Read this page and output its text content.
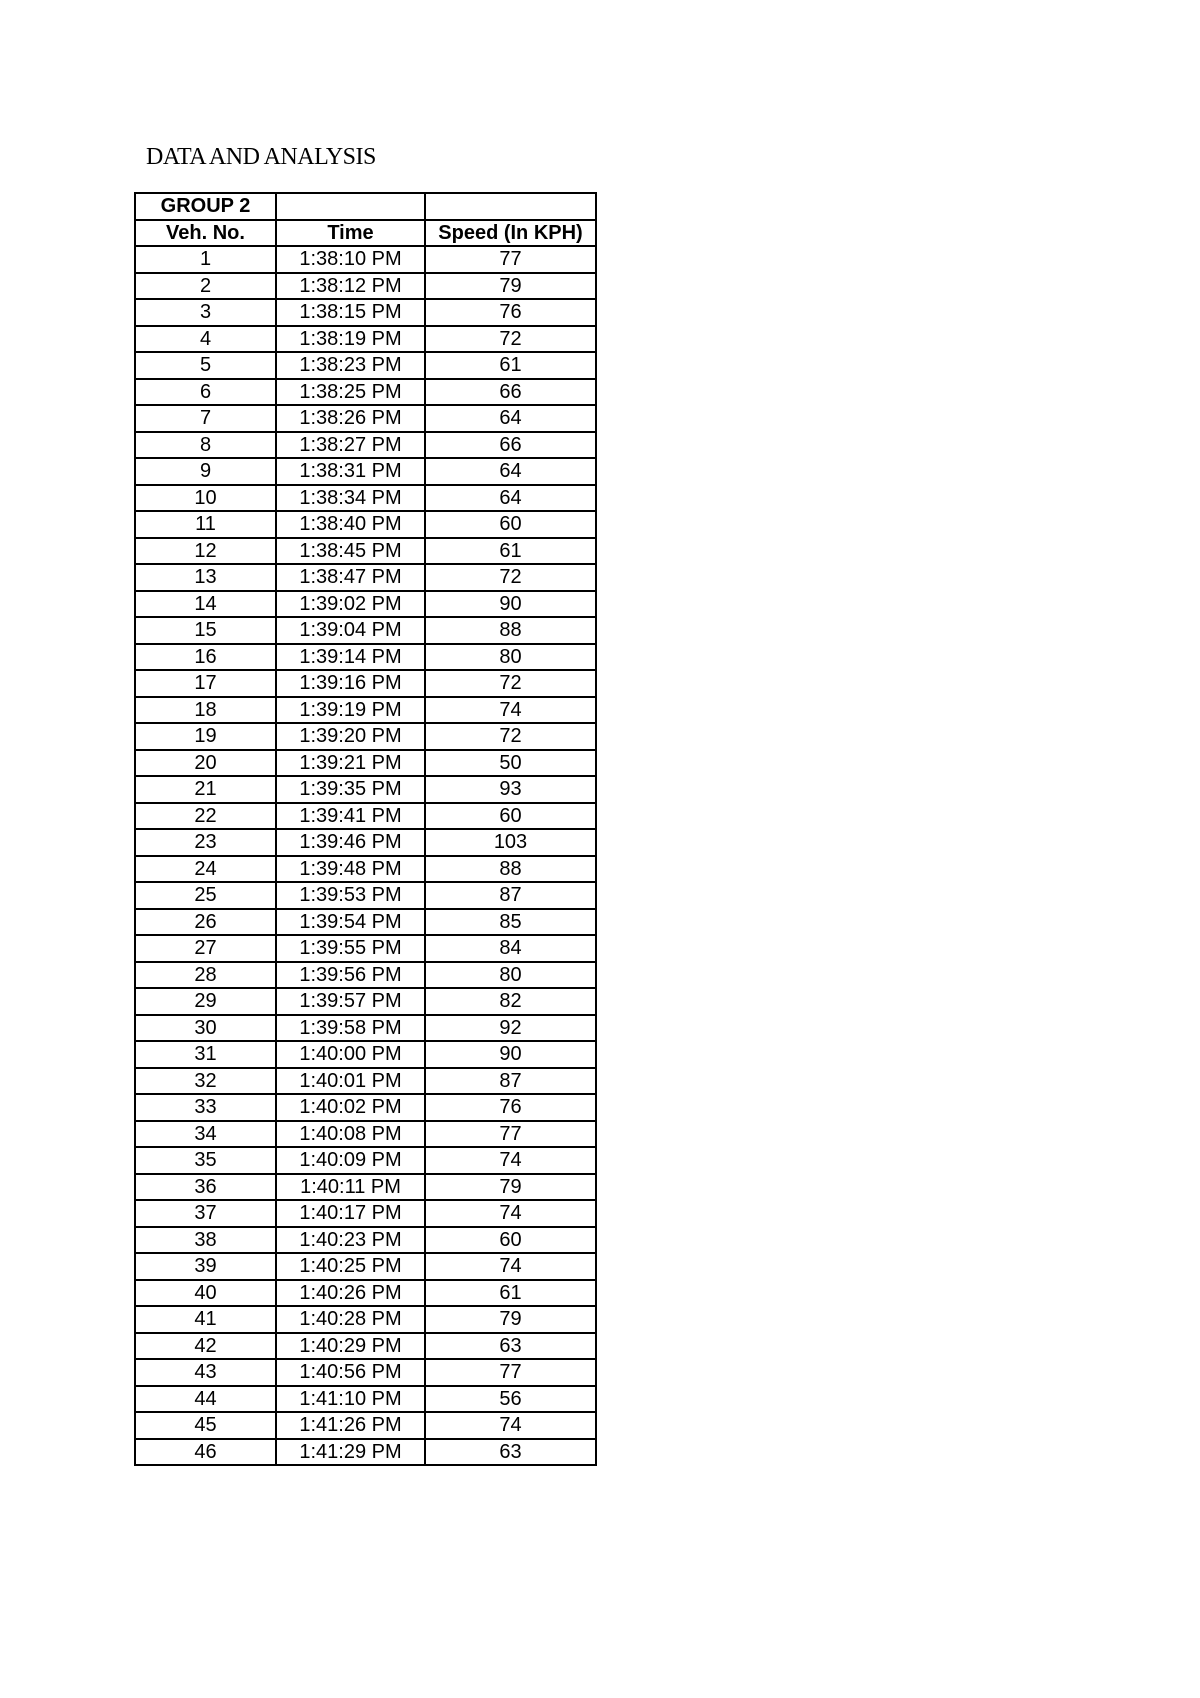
DATA AND ANALYSIS
GROUP 2		
Veh. No.	Time	Speed (In KPH)
1	1:38:10 PM	77
2	1:38:12 PM	79
3	1:38:15 PM	76
4	1:38:19 PM	72
5	1:38:23 PM	61
6	1:38:25 PM	66
7	1:38:26 PM	64
8	1:38:27 PM	66
9	1:38:31 PM	64
10	1:38:34 PM	64
11	1:38:40 PM	60
12	1:38:45 PM	61
13	1:38:47 PM	72
14	1:39:02 PM	90
15	1:39:04 PM	88
16	1:39:14 PM	80
17	1:39:16 PM	72
18	1:39:19 PM	74
19	1:39:20 PM	72
20	1:39:21 PM	50
21	1:39:35 PM	93
22	1:39:41 PM	60
23	1:39:46 PM	103
24	1:39:48 PM	88
25	1:39:53 PM	87
26	1:39:54 PM	85
27	1:39:55 PM	84
28	1:39:56 PM	80
29	1:39:57 PM	82
30	1:39:58 PM	92
31	1:40:00 PM	90
32	1:40:01 PM	87
33	1:40:02 PM	76
34	1:40:08 PM	77
35	1:40:09 PM	74
36	1:40:11 PM	79
37	1:40:17 PM	74
38	1:40:23 PM	60
39	1:40:25 PM	74
40	1:40:26 PM	61
41	1:40:28 PM	79
42	1:40:29 PM	63
43	1:40:56 PM	77
44	1:41:10 PM	56
45	1:41:26 PM	74
46	1:41:29 PM	63
